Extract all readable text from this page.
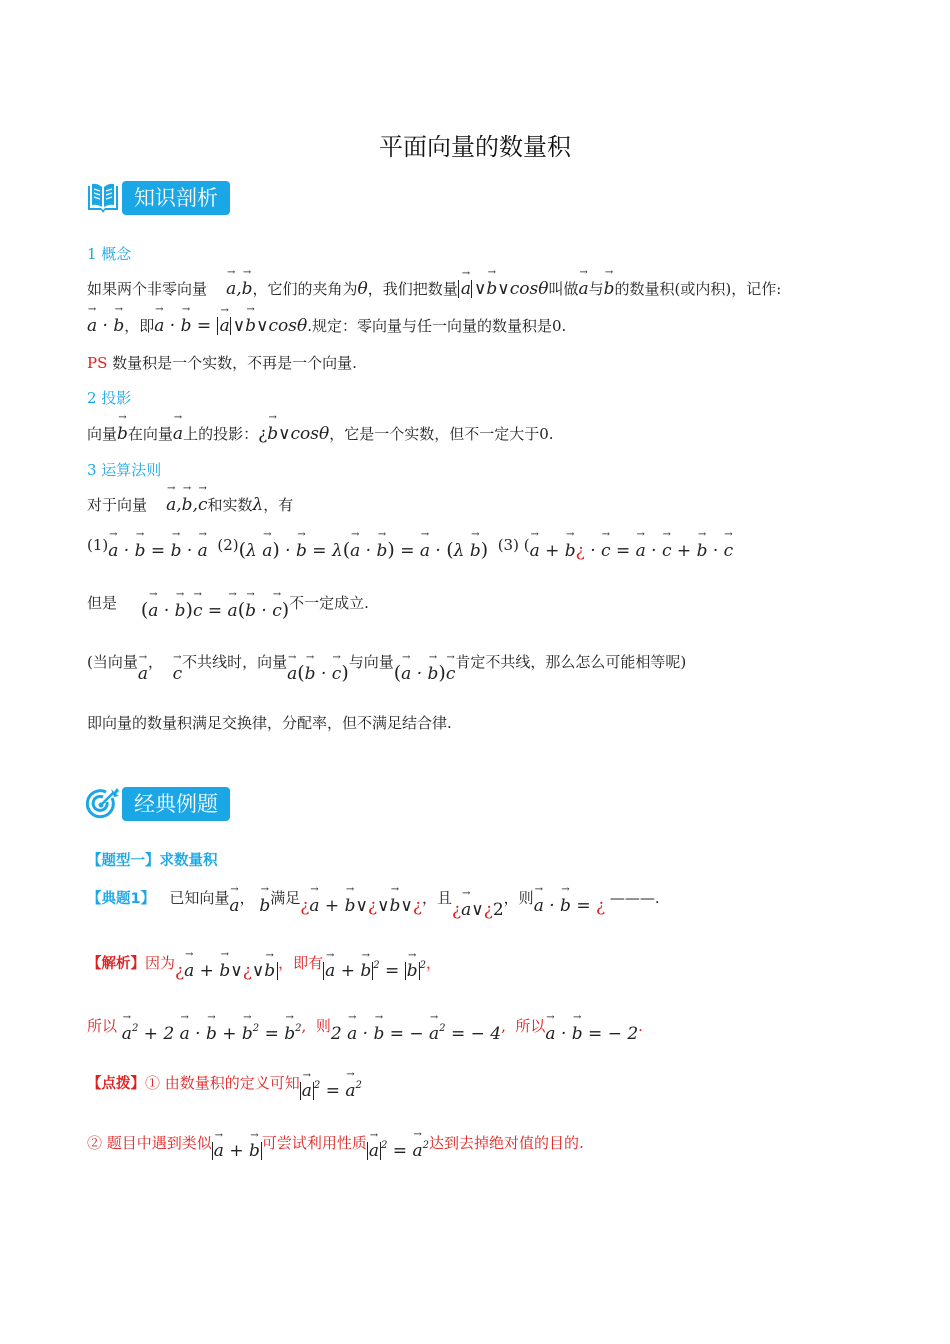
平面向量的数量积
知识剖析
1 概念
如果两个非零向量 → a,→ b，它们的夹角为θ，我们把数量 → a ∨→ b∨cosθ叫做→ a与→ b的数量积(或内积)，记作:
→ a · → b，即→ a · → b = → a ∨→ b∨cosθ.规定：零向量与任一向量的数量积是0.
PS 数量积是一个实数，不再是一个向量.
2 投影
向量→ b在向量→ a上的投影：¿→ b∨cosθ，它是一个实数，但不一定大于0.
3 运算法则
对于向量 → a,→ b,→ c和实数λ，有
(1)→ a · → b = → b · → a (2)(λ → a) · → b = λ(→ a · → b) = → a · (λ → b) (3) (→ a + → b¿ · → c = → a · → c + → b · → c
但是 (→ a · → b)→ c = → a(→ b · → c)不一定成立.
(当向量→ a，  → c不共线时，向量→ a(→ b · → c)与向量(→ a · → b)→ c肯定不共线，那么怎么可能相等呢)
即向量的数量积满足交换律，分配率，但不满足结合律.
经典例题
【题型一】求数量积
【典题1】 已知向量→ a， → b满足¿→ a + → b∨¿∨→ b∨¿，且¿→ a∨¿2，则→ a · → b = ¿ ———.
【解析】因为¿→ a + → b∨¿∨→ b ，即有 → a + → b $^2$ = → b $^2$，
所以 → $a^2 + 2 \to a$ · → b + → $b^2$ = → $b^2$, 则2 → a · → b = − → $a^2$ = − 4, 所以→ a · → b = − 2.
【点拨】① 由数量积的定义可知 → a $^2$ = → $a^2$
② 题目中遇到类似 → a + → b 可尝试利用性质 → a $^2$ = → $a^2$达到去掉绝对值的目的.
